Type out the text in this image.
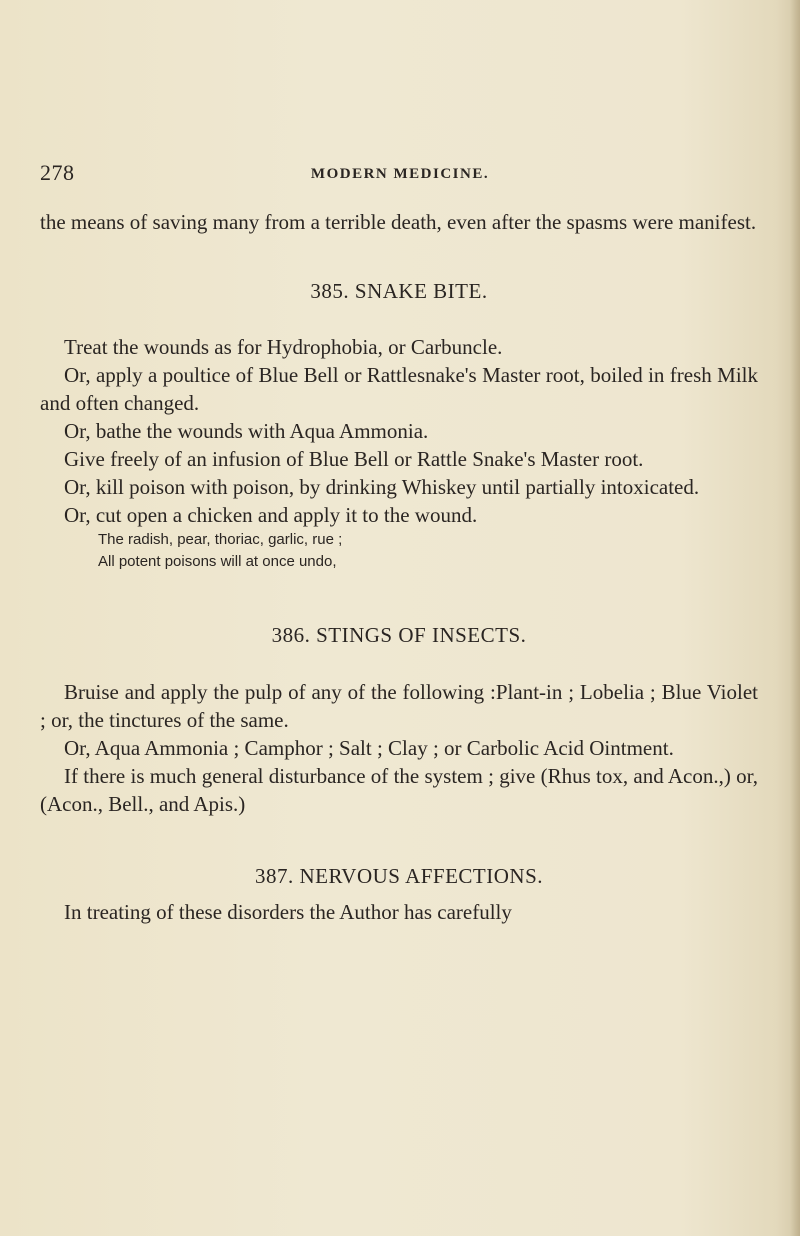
278	MODERN MEDICINE.

the means of saving many from a terrible death, even after the spasms were manifest.

385. SNAKE BITE.

Treat the wounds as for Hydrophobia, or Carbuncle.

Or, apply a poultice of Blue Bell or Rattlesnake's Master root, boiled in fresh Milk and often changed.

Or, bathe the wounds with Aqua Ammonia.

Give freely of an infusion of Blue Bell or Rattle Snake's Master root.

Or, kill poison with poison, by drinking Whiskey until partially intoxicated.

Or, cut open a chicken and apply it to the wound.

The radish, pear, thoriac, garlic, rue ;
All potent poisons will at once undo,
386. STINGS OF INSECTS.

Bruise and apply the pulp of any of the following :Plant-in ; Lobelia ; Blue Violet ; or, the tinctures of the same.

Or, Aqua Ammonia ; Camphor ; Salt ; Clay ; or Carbolic Acid Ointment.

If there is much general disturbance of the system ; give (Rhus tox, and Acon.,) or, (Acon., Bell., and Apis.)

387. NERVOUS AFFECTIONS.

In treating of these disorders the Author has carefully
